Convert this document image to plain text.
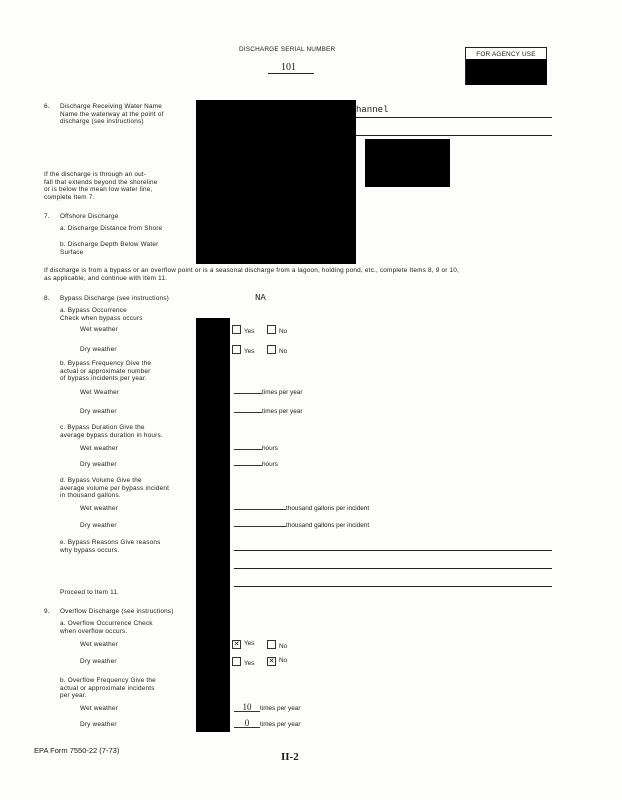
DISCHARGE SERIAL NUMBER
101
FOR AGENCY USE
6. Discharge Receiving Water Name
Name the waterway at the point of
discharge (see instructions)
hannel
If the discharge is through an out-
fall that extends beyond the shoreline
or is below the mean low water line,
complete Item 7.
7. Offshore Discharge
a. Discharge Distance from Shore
b. Discharge Depth Below Water
Surface
If discharge is from a bypass or an overflow point or is a seasonal discharge from a lagoon, holding pond, etc., complete Items 8, 9 or 10,
as applicable, and continue with Item 11.
8. Bypass Discharge (see instructions)	NA
a. Bypass Occurrence
Check when bypass occurs
Wet weather	Yes	No
Dry weather	Yes	No
b. Bypass Frequency Give the
actual or approximate number
of bypass incidents per year.
Wet Weather	times per year
Dry weather	times per year
c. Bypass Duration Give the
average bypass duration in hours.
Wet weather	hours
Dry weather	hours
d. Bypass Volume Give the
average volume per bypass incident
in thousand gallons.
Wet weather	thousand gallons per incident
Dry weather	thousand gallons per incident
e. Bypass Reasons Give reasons
why bypass occurs.
Proceed to Item 11.
9. Overflow Discharge (see instructions)
a. Overflow Occurrence Check
when overflow occurs.
Wet weather	✕ Yes	No
Dry weather	Yes ✕ No
b. Overflow Frequency Give the
actual or approximate incidents
per year.
Wet weather	10 times per year
Dry weather	0 times per year
EPA Form 7550-22 (7-73)
II-2
